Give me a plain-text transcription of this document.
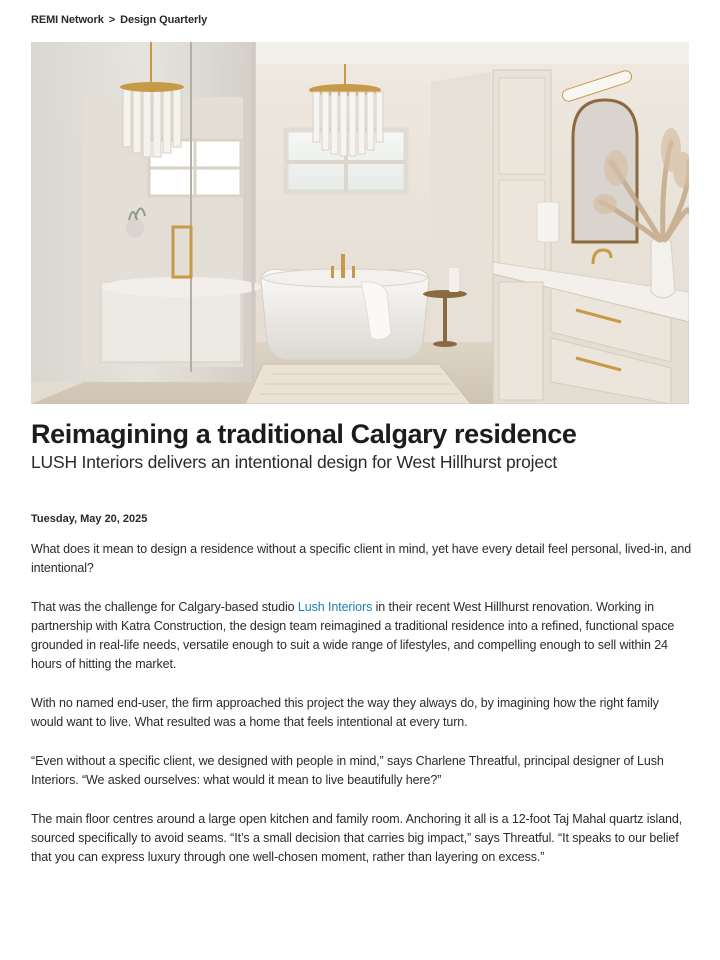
REMI Network > Design Quarterly
Reimagining a traditional Calgary residence
LUSH Interiors delivers an intentional design for West Hillhurst project
Tuesday, May 20, 2025

What does it mean to design a residence without a specific client in mind, yet have every detail feel personal, lived-in, and intentional?

That was the challenge for Calgary-based studio Lush Interiors in their recent West Hillhurst renovation. Working in partnership with Katra Construction, the design team reimagined a traditional residence into a refined, functional space grounded in real-life needs, versatile enough to suit a wide range of lifestyles, and compelling enough to sell within 24 hours of hitting the market.

With no named end-user, the firm approached this project the way they always do, by imagining how the right family would want to live. What resulted was a home that feels intentional at every turn.

“Even without a specific client, we designed with people in mind,” says Charlene Threatful, principal designer of Lush Interiors. “We asked ourselves: what would it mean to live beautifully here?”

The main floor centres around a large open kitchen and family room. Anchoring it all is a 12-foot Taj Mahal quartz island, sourced specifically to avoid seams. “It’s a small decision that carries big impact,” says Threatful. “It speaks to our belief that you can express luxury through one well-chosen moment, rather than layering on excess.”
